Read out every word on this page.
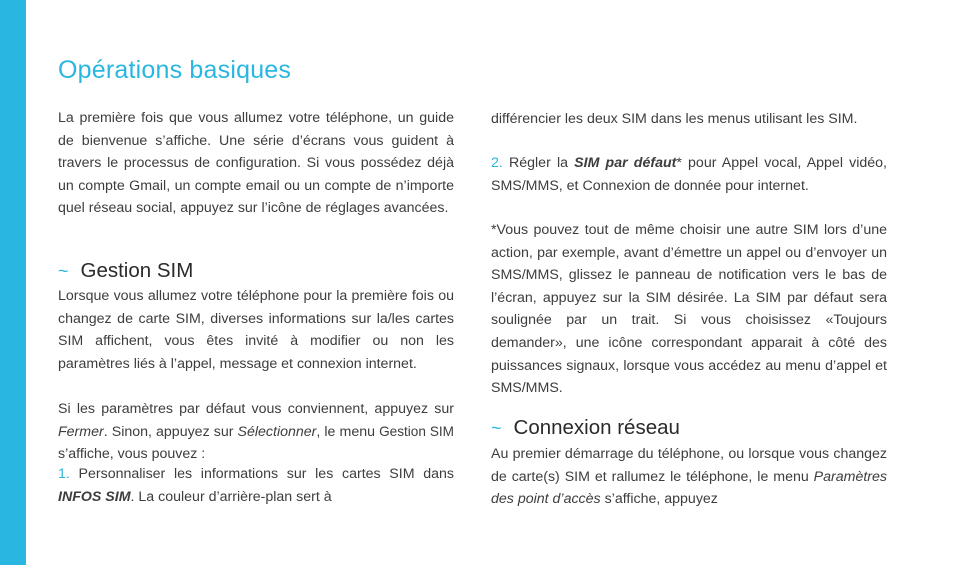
Opérations basiques

La première fois que vous allumez votre téléphone, un guide de bienvenue s’affiche. Une série d’écrans vous guident à travers le processus de configuration. Si vous possédez déjà un compte Gmail, un compte email ou un compte de n’importe quel réseau social, appuyez sur l’icône de réglages avancées.

~ Gestion SIM

Lorsque vous allumez votre téléphone pour la première fois ou changez de carte SIM, diverses informations sur la/les cartes SIM affichent, vous êtes invité à modifier ou non les paramètres liés à l’appel, message et connexion internet.

Si les paramètres par défaut vous conviennent, appuyez sur Fermer. Sinon, appuyez sur Sélectionner, le menu Gestion SIM s’affiche, vous pouvez :

1. Personnaliser les informations sur les cartes SIM dans INFOS SIM. La couleur d’arrière-plan sert à

différencier les deux SIM dans les menus utilisant les SIM.

2. Régler la SIM par défaut* pour Appel vocal, Appel vidéo, SMS/MMS, et Connexion de donnée pour internet.

*Vous pouvez tout de même choisir une autre SIM lors d’une action, par exemple, avant d’émettre un appel ou d’envoyer un SMS/MMS, glissez le panneau de notification vers le bas de l’écran, appuyez sur la SIM désirée. La SIM par défaut sera soulignée par un trait. Si vous choisissez «Toujours demander», une icône correspondant apparait à côté des puissances signaux, lorsque vous accédez au menu d’appel et SMS/MMS.

~ Connexion réseau

Au premier démarrage du téléphone, ou lorsque vous changez de carte(s) SIM et rallumez le téléphone, le menu Paramètres des point d’accès s’affiche, appuyez
